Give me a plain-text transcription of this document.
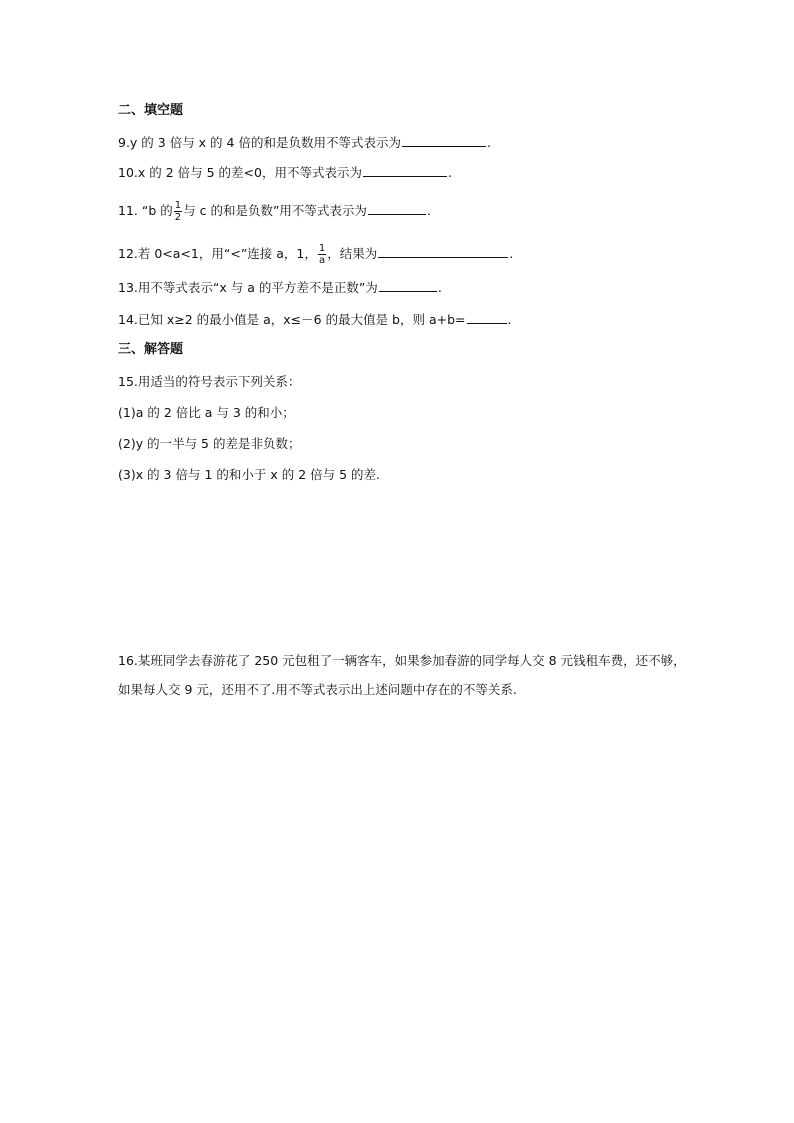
二、填空题
9.y 的 3 倍与 x 的 4 倍的和是负数用不等式表示为	.
10.x 的 2 倍与 5 的差<0，用不等式表示为	.
11. “b 的 $\frac{1}{2}$ 与 c 的和是负数”用不等式表示为	.
12.若 0<a<1，用“<”连接 a，1， $\frac{1}{a}$ ，结果为	.
13.用不等式表示“x 与 a 的平方差不是正数”为	.
14.已知 x≥2 的最小值是 a，x≤－6 的最大值是 b，则 a+b=	.
三、解答题
15.用适当的符号表示下列关系：
(1)a 的 2 倍比 a 与 3 的和小；
(2)y 的一半与 5 的差是非负数；
(3)x 的 3 倍与 1 的和小于 x 的 2 倍与 5 的差.
16.某班同学去春游花了 250 元包租了一辆客车，如果参加春游的同学每人交 8 元钱租车费，还不够，如果每人交 9 元，还用不了.用不等式表示出上述问题中存在的不等关系.
